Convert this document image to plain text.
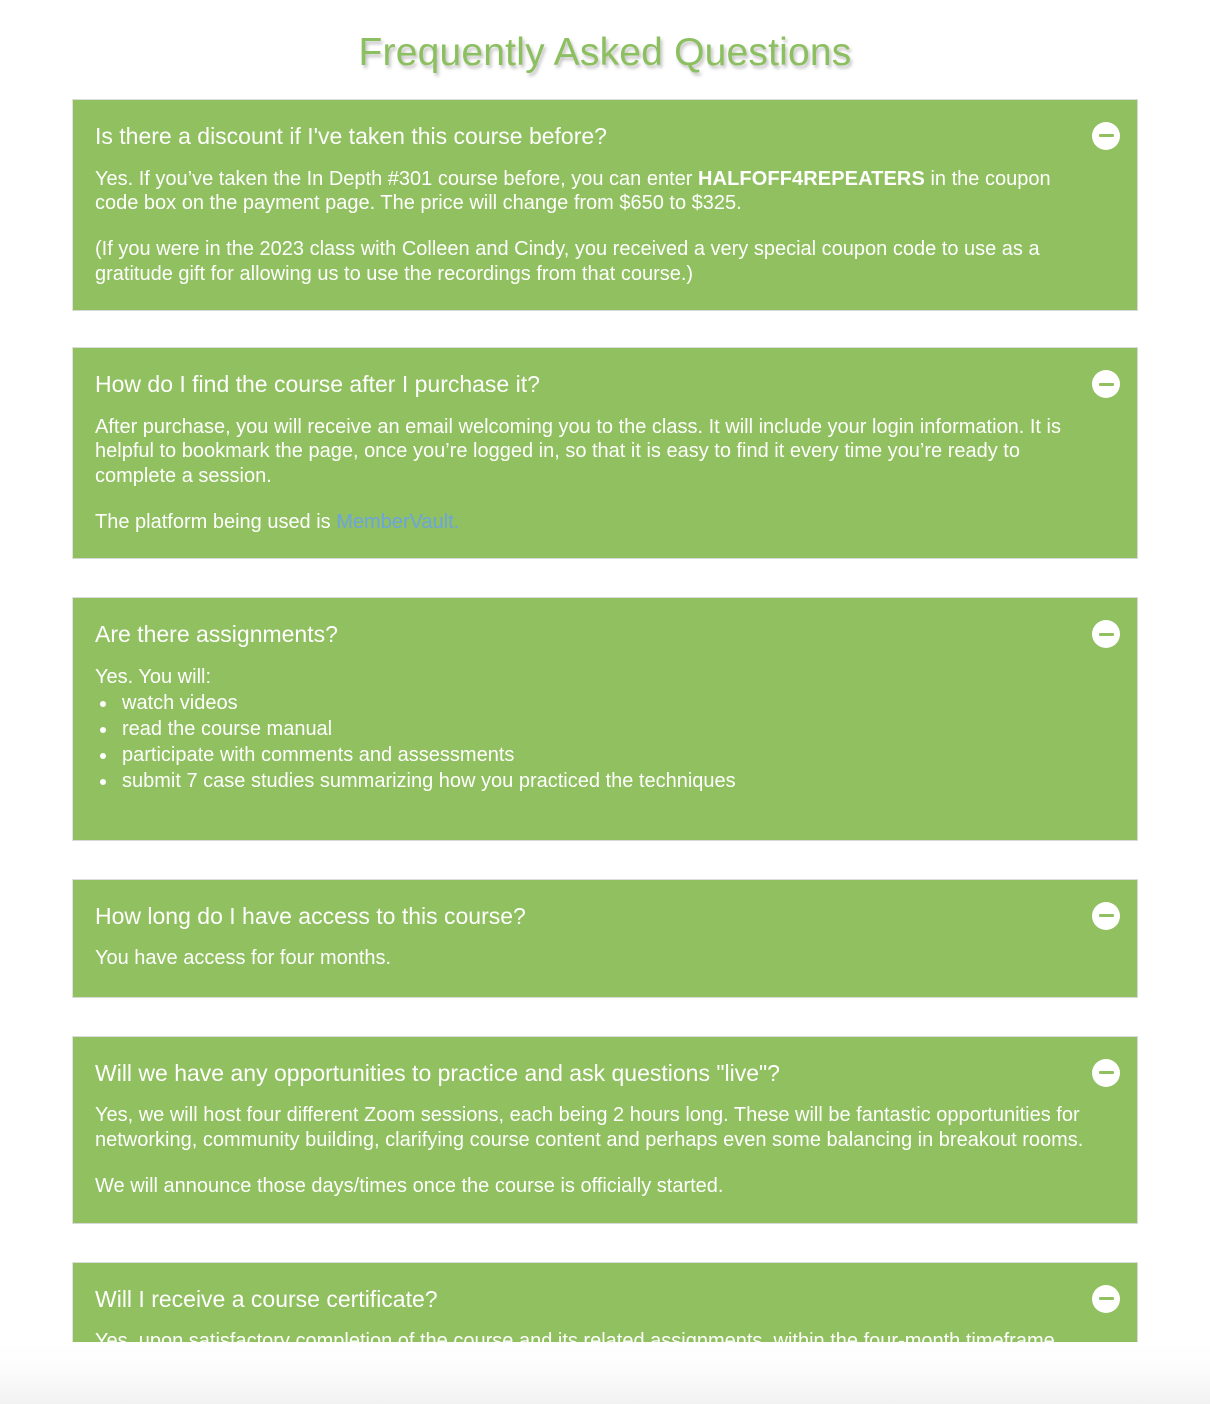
Frequently Asked Questions
Is there a discount if I've taken this course before?

Yes. If you’ve taken the In Depth #301 course before, you can enter HALFOFF4REPEATERS in the coupon code box on the payment page. The price will change from $650 to $325.

(If you were in the 2023 class with Colleen and Cindy, you received a very special coupon code to use as a gratitude gift for allowing us to use the recordings from that course.)

How do I find the course after I purchase it?

After purchase, you will receive an email welcoming you to the class. It will include your login information. It is helpful to bookmark the page, once you’re logged in, so that it is easy to find it every time you’re ready to complete a session.

The platform being used is MemberVault.

Are there assignments?

Yes. You will:

watch videos
read the course manual
participate with comments and assessments
submit 7 case studies summarizing how you practiced the techniques
How long do I have access to this course?

You have access for four months.

Will we have any opportunities to practice and ask questions "live"?

Yes, we will host four different Zoom sessions, each being 2 hours long. These will be fantastic opportunities for networking, community building, clarifying course content and perhaps even some balancing in breakout rooms.

We will announce those days/times once the course is officially started.

Will I receive a course certificate?
